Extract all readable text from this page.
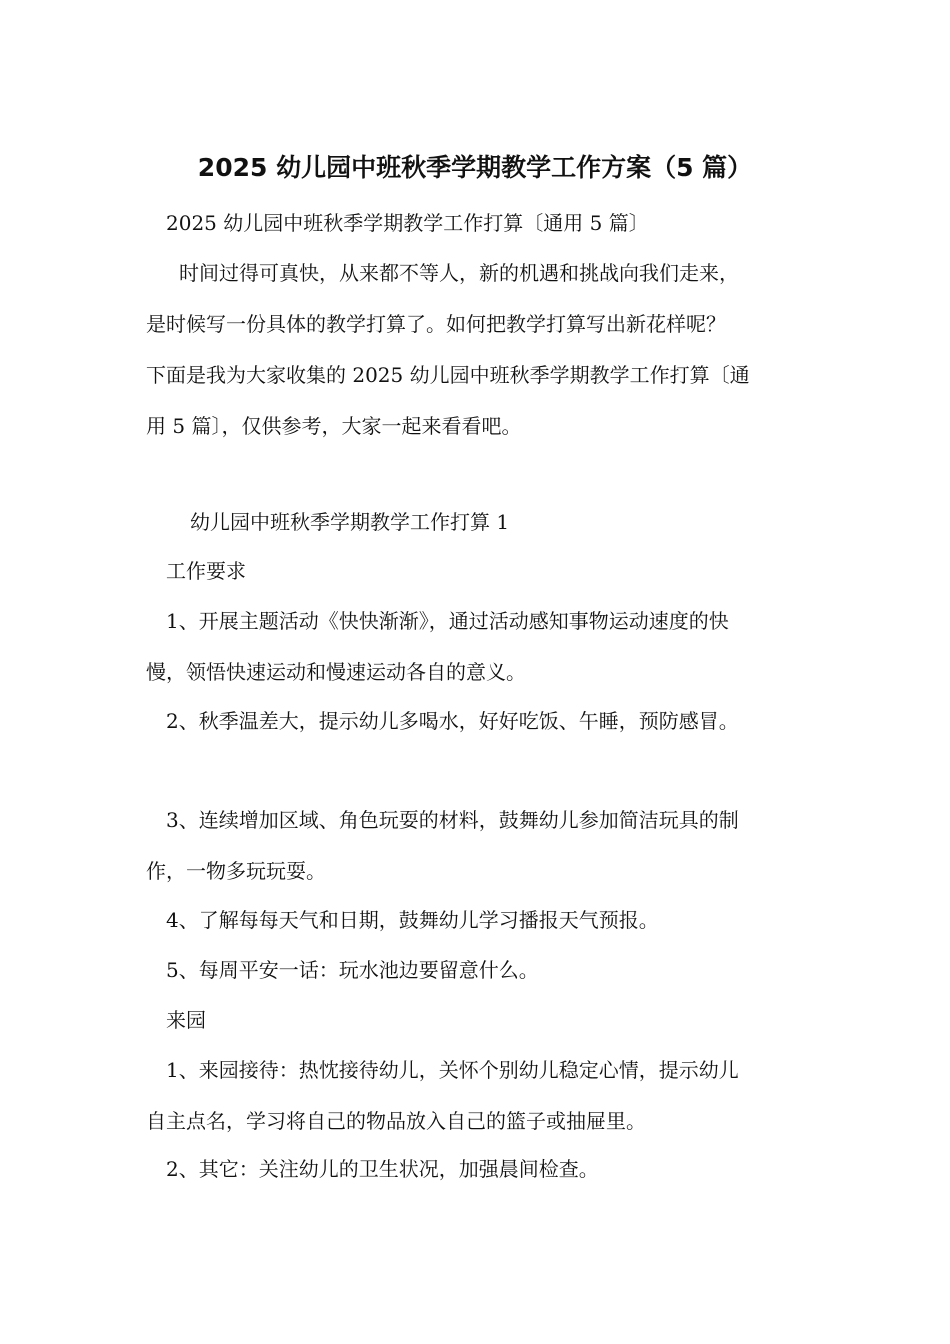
2025 幼儿园中班秋季学期教学工作方案（5 篇）
2025 幼儿园中班秋季学期教学工作打算〔通用 5 篇〕
时间过得可真快，从来都不等人，新的机遇和挑战向我们走来，
是时候写一份具体的教学打算了。如何把教学打算写出新花样呢？
下面是我为大家收集的 2025 幼儿园中班秋季学期教学工作打算〔通
用 5 篇〕，仅供参考，大家一起来看看吧。
幼儿园中班秋季学期教学工作打算 1
工作要求
1、开展主题活动《快快渐渐》，通过活动感知事物运动速度的快
慢，领悟快速运动和慢速运动各自的意义。
2、秋季温差大，提示幼儿多喝水，好好吃饭、午睡，预防感冒。
3、连续增加区域、角色玩耍的材料，鼓舞幼儿参加简洁玩具的制
作，一物多玩玩耍。
4、了解每每天气和日期，鼓舞幼儿学习播报天气预报。
5、每周平安一话：玩水池边要留意什么。
来园
1、来园接待：热忱接待幼儿，关怀个别幼儿稳定心情，提示幼儿
自主点名，学习将自己的物品放入自己的篮子或抽屉里。
2、其它：关注幼儿的卫生状况，加强晨间检查。
